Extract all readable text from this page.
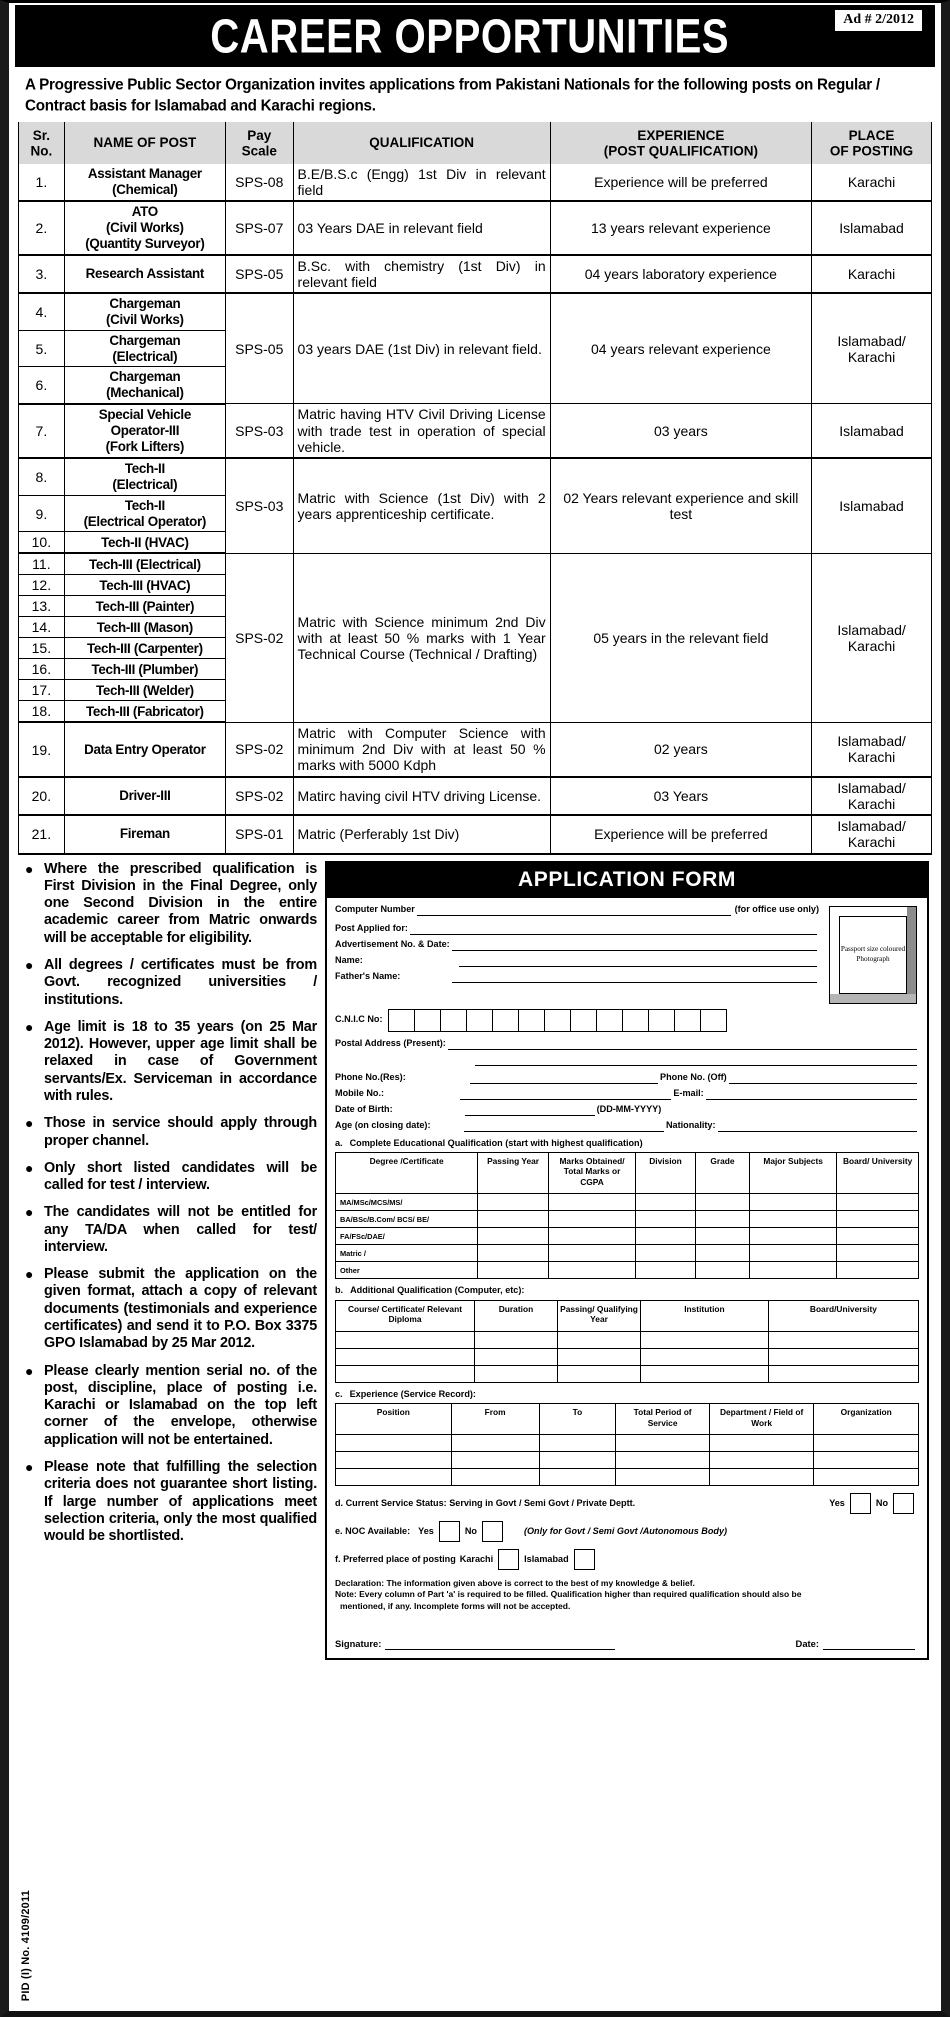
CAREER OPPORTUNITIES	Ad # 2/2012
A Progressive Public Sector Organization invites applications from Pakistani Nationals for the following posts on Regular / Contract basis for Islamabad and Karachi regions.
Sr.
No.	NAME OF POST	Pay
Scale	QUALIFICATION	EXPERIENCE
(POST QUALIFICATION)	PLACE
OF POSTING
1.	Assistant Manager
(Chemical)	SPS-08	B.E/B.S.c (Engg) 1st Div in relevant field	Experience will be preferred	Karachi
2.	ATO
(Civil Works)
(Quantity Surveyor)	SPS-07	03 Years DAE in relevant field	13 years relevant experience	Islamabad
3.	Research Assistant	SPS-05	B.Sc. with chemistry (1st Div) in relevant field	04 years laboratory experience	Karachi
4.	Chargeman
(Civil Works)	SPS-05	03 years DAE (1st Div) in relevant field.	04 years relevant experience	Islamabad/
Karachi
5.	Chargeman
(Electrical)				
6.	Chargeman
(Mechanical)				
7.	Special Vehicle
Operator-III
(Fork Lifters)	SPS-03	Matric having HTV Civil Driving License with trade test in operation of special vehicle.	03 years	Islamabad
8.	Tech-II
(Electrical)	SPS-03	Matric with Science (1st Div) with 2 years apprenticeship certificate.	02 Years relevant experience and skill test	Islamabad
9.	Tech-II
(Electrical Operator)				
10.	Tech-II (HVAC)				
11.	Tech-III (Electrical)	SPS-02	Matric with Science minimum 2nd Div with at least 50 % marks with 1 Year Technical Course (Technical / Drafting)	05 years in the relevant field	Islamabad/
Karachi
12.	Tech-III (HVAC)				
13.	Tech-III (Painter)				
14.	Tech-III (Mason)				
15.	Tech-III (Carpenter)				
16.	Tech-III (Plumber)				
17.	Tech-III (Welder)				
18.	Tech-III (Fabricator)				
19.	Data Entry Operator	SPS-02	Matric with Computer Science with minimum 2nd Div with at least 50 % marks with 5000 Kdph	02 years	Islamabad/
Karachi
20.	Driver-III	SPS-02	Matirc having civil HTV driving License.	03 Years	Islamabad/
Karachi
21.	Fireman	SPS-01	Matric (Perferably 1st Div)	Experience will be preferred	Islamabad/
Karachi
● Where the prescribed qualification is First Division in the Final Degree, only one Second Division in the entire academic career from Matric onwards will be acceptable for eligibility.
● All degrees / certificates must be from Govt. recognized universities / institutions.
● Age limit is 18 to 35 years (on 25 Mar 2012). However, upper age limit shall be relaxed in case of Government servants/Ex. Serviceman in accordance with rules.
● Those in service should apply through proper channel.
● Only short listed candidates will be called for test / interview.
● The candidates will not be entitled for any TA/DA when called for test/ interview.
● Please submit the application on the given format, attach a copy of relevant documents (testimonials and experience certificates) and send it to P.O. Box 3375 GPO Islamabad by 25 Mar 2012.
● Please clearly mention serial no. of the post, discipline, place of posting i.e. Karachi or Islamabad on the top left corner of the envelope, otherwise application will not be entertained.
● Please note that fulfilling the selection criteria does not guarantee short listing. If large number of applications meet selection criteria, only the most qualified would be shortlisted.
APPLICATION FORM
Computer Number	(for office use only)
Post Applied for:
Advertisement No. & Date:
Name:
Father's Name:
Passport size coloured Photograph
C.N.I.C No:
Postal Address (Present):
Phone No.(Res):	Phone No. (Off)
Mobile No.:	E-mail:
Date of Birth:	(DD-MM-YYYY)
Age (on closing date):	Nationality:
a. Complete Educational Qualification (start with highest qualification)
Degree /Certificate	Passing Year	Marks Obtained/ Total Marks or CGPA	Division	Grade	Major Subjects	Board/ University
MA/MSc/MCS/MS/						
BA/BSc/B.Com/ BCS/ BE/						
FA/FSc/DAE/						
Matric /						
Other						
b. Additional Qualification (Computer, etc):
Course/ Certificate/ Relevant Diploma	Duration	Passing/ Qualifying Year	Institution	Board/University

c. Experience (Service Record):
Position	From	To	Total Period of Service	Department / Field of Work	Organization

d. Current Service Status: Serving in Govt / Semi Govt / Private Deptt.	Yes	No
e. NOC Available: Yes	No	(Only for Govt / Semi Govt /Autonomous Body)
f. Preferred place of posting Karachi	Islamabad
Declaration: The information given above is correct to the best of my knowledge & belief.
Note: Every column of Part 'a' is required to be filled. Qualification higher than required qualification should also be
mentioned, if any. Incomplete forms will not be accepted.
Signature:	Date:
PID (I) No. 4109/2011
